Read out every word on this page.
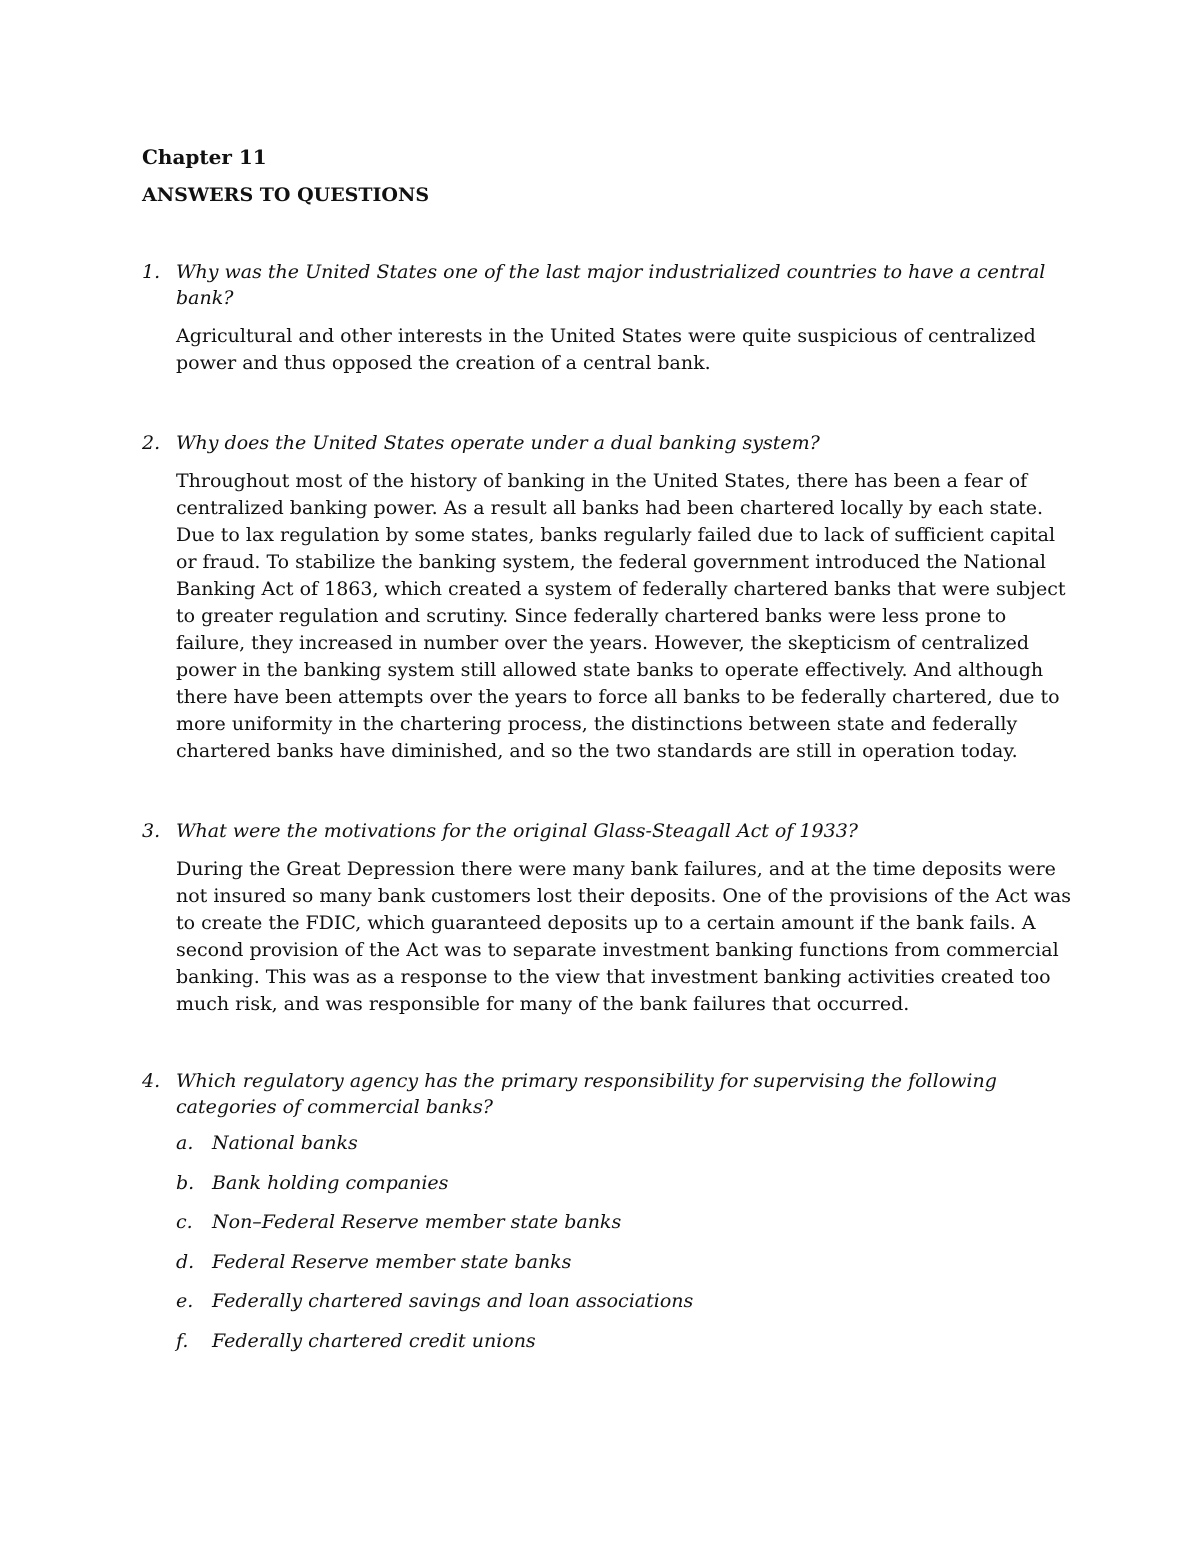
Chapter 11
ANSWERS TO QUESTIONS
1. Why was the United States one of the last major industrialized countries to have a central bank?

Agricultural and other interests in the United States were quite suspicious of centralized power and thus opposed the creation of a central bank.

2. Why does the United States operate under a dual banking system?

Throughout most of the history of banking in the United States, there has been a fear of centralized banking power. As a result all banks had been chartered locally by each state. Due to lax regulation by some states, banks regularly failed due to lack of sufficient capital or fraud. To stabilize the banking system, the federal government introduced the National Banking Act of 1863, which created a system of federally chartered banks that were subject to greater regulation and scrutiny. Since federally chartered banks were less prone to failure, they increased in number over the years. However, the skepticism of centralized power in the banking system still allowed state banks to operate effectively. And although there have been attempts over the years to force all banks to be federally chartered, due to more uniformity in the chartering process, the distinctions between state and federally chartered banks have diminished, and so the two standards are still in operation today.

3. What were the motivations for the original Glass-Steagall Act of 1933?

During the Great Depression there were many bank failures, and at the time deposits were not insured so many bank customers lost their deposits. One of the provisions of the Act was to create the FDIC, which guaranteed deposits up to a certain amount if the bank fails. A second provision of the Act was to separate investment banking functions from commercial banking. This was as a response to the view that investment banking activities created too much risk, and was responsible for many of the bank failures that occurred.

4. Which regulatory agency has the primary responsibility for supervising the following categories of commercial banks?
a. National banks
b. Bank holding companies
c.	Non–Federal Reserve member state banks
d. Federal Reserve member state banks
e. Federally chartered savings and loan associations
f.	Federally chartered credit unions
